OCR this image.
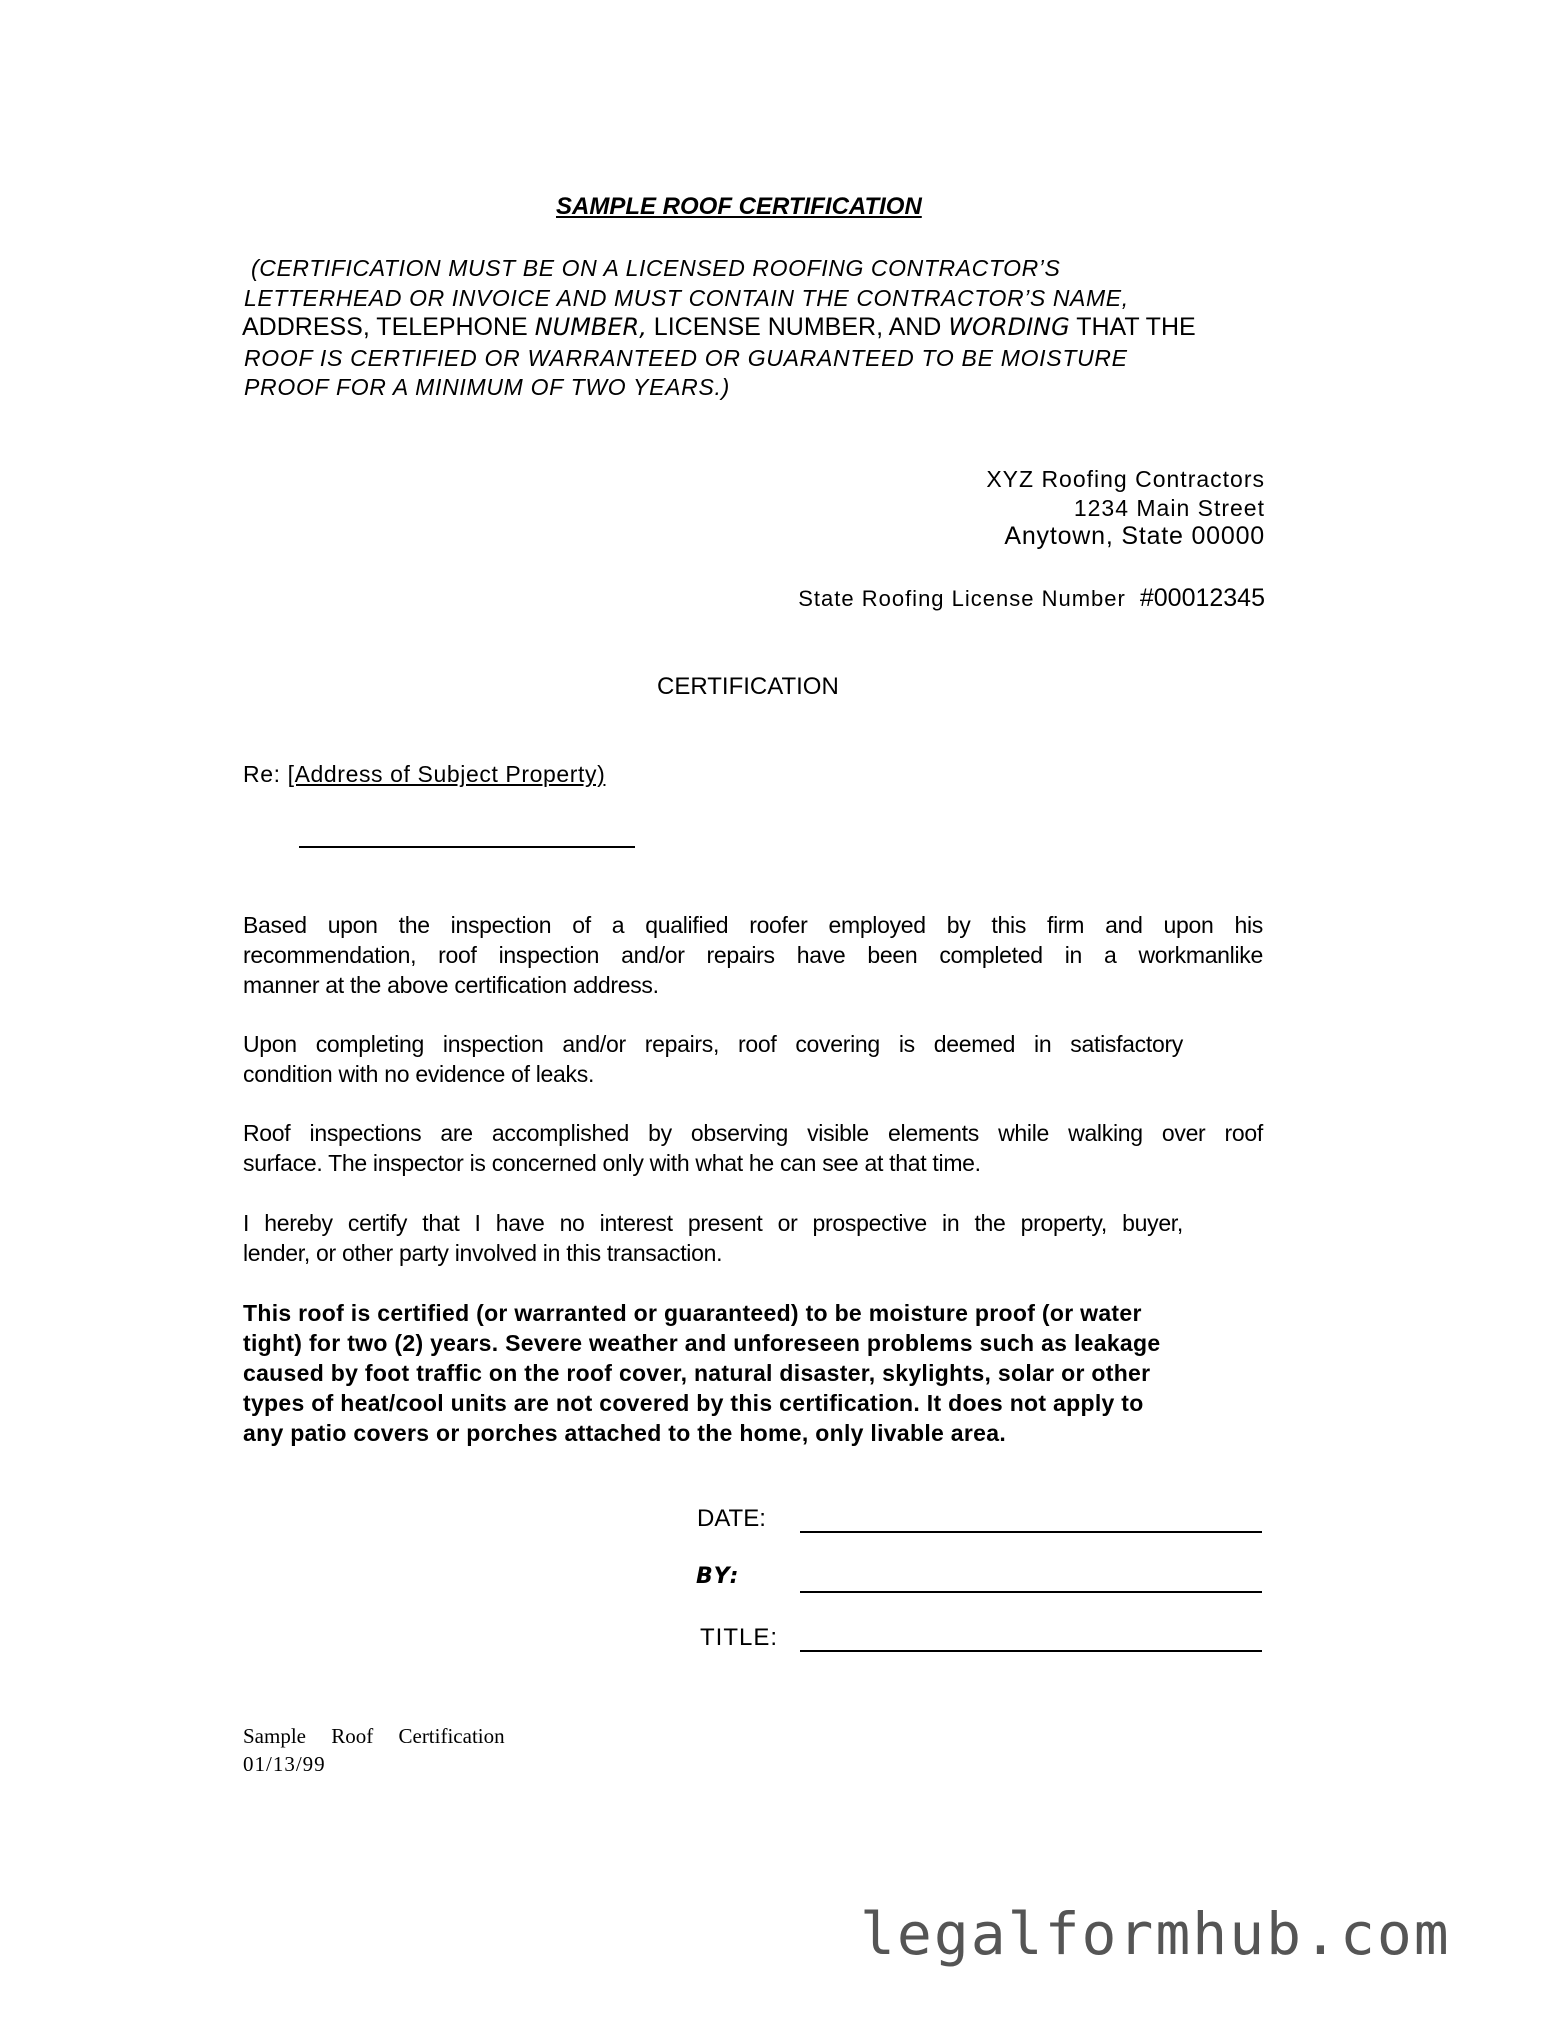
SAMPLE ROOF CERTIFICATION
(CERTIFICATION MUST BE ON A LICENSED ROOFING CONTRACTOR’S
LETTERHEAD OR INVOICE AND MUST CONTAIN THE CONTRACTOR’S NAME,
ADDRESS, TELEPHONE NUMBER, LICENSE NUMBER, AND WORDING THAT THE
ROOF IS CERTIFIED OR WARRANTEED OR GUARANTEED TO BE MOISTURE
PROOF FOR A MINIMUM OF TWO YEARS.)
XYZ Roofing Contractors
1234 Main Street
Anytown, State 00000
State Roofing License Number #00012345
CERTIFICATION
Re: [Address of Subject Property)
Based upon the inspection of a qualified roofer employed by this firm and upon his
recommendation, roof inspection and/or repairs have been completed in a workmanlike
manner at the above certification address.
Upon completing inspection and/or repairs, roof covering is deemed in satisfactory
condition with no evidence of leaks.
Roof inspections are accomplished by observing visible elements while walking over roof
surface. The inspector is concerned only with what he can see at that time.
I hereby certify that I have no interest present or prospective in the property, buyer,
lender, or other party involved in this transaction.
This roof is certified (or warranted or guaranteed) to be moisture proof (or water
tight) for two (2) years. Severe weather and unforeseen problems such as leakage
caused by foot traffic on the roof cover, natural disaster, skylights, solar or other
types of heat/cool units are not covered by this certification. It does not apply to
any patio covers or porches attached to the home, only livable area.
DATE:
BY:
TITLE:
Sample Roof Certification
01/13/99
legalformhub.com
